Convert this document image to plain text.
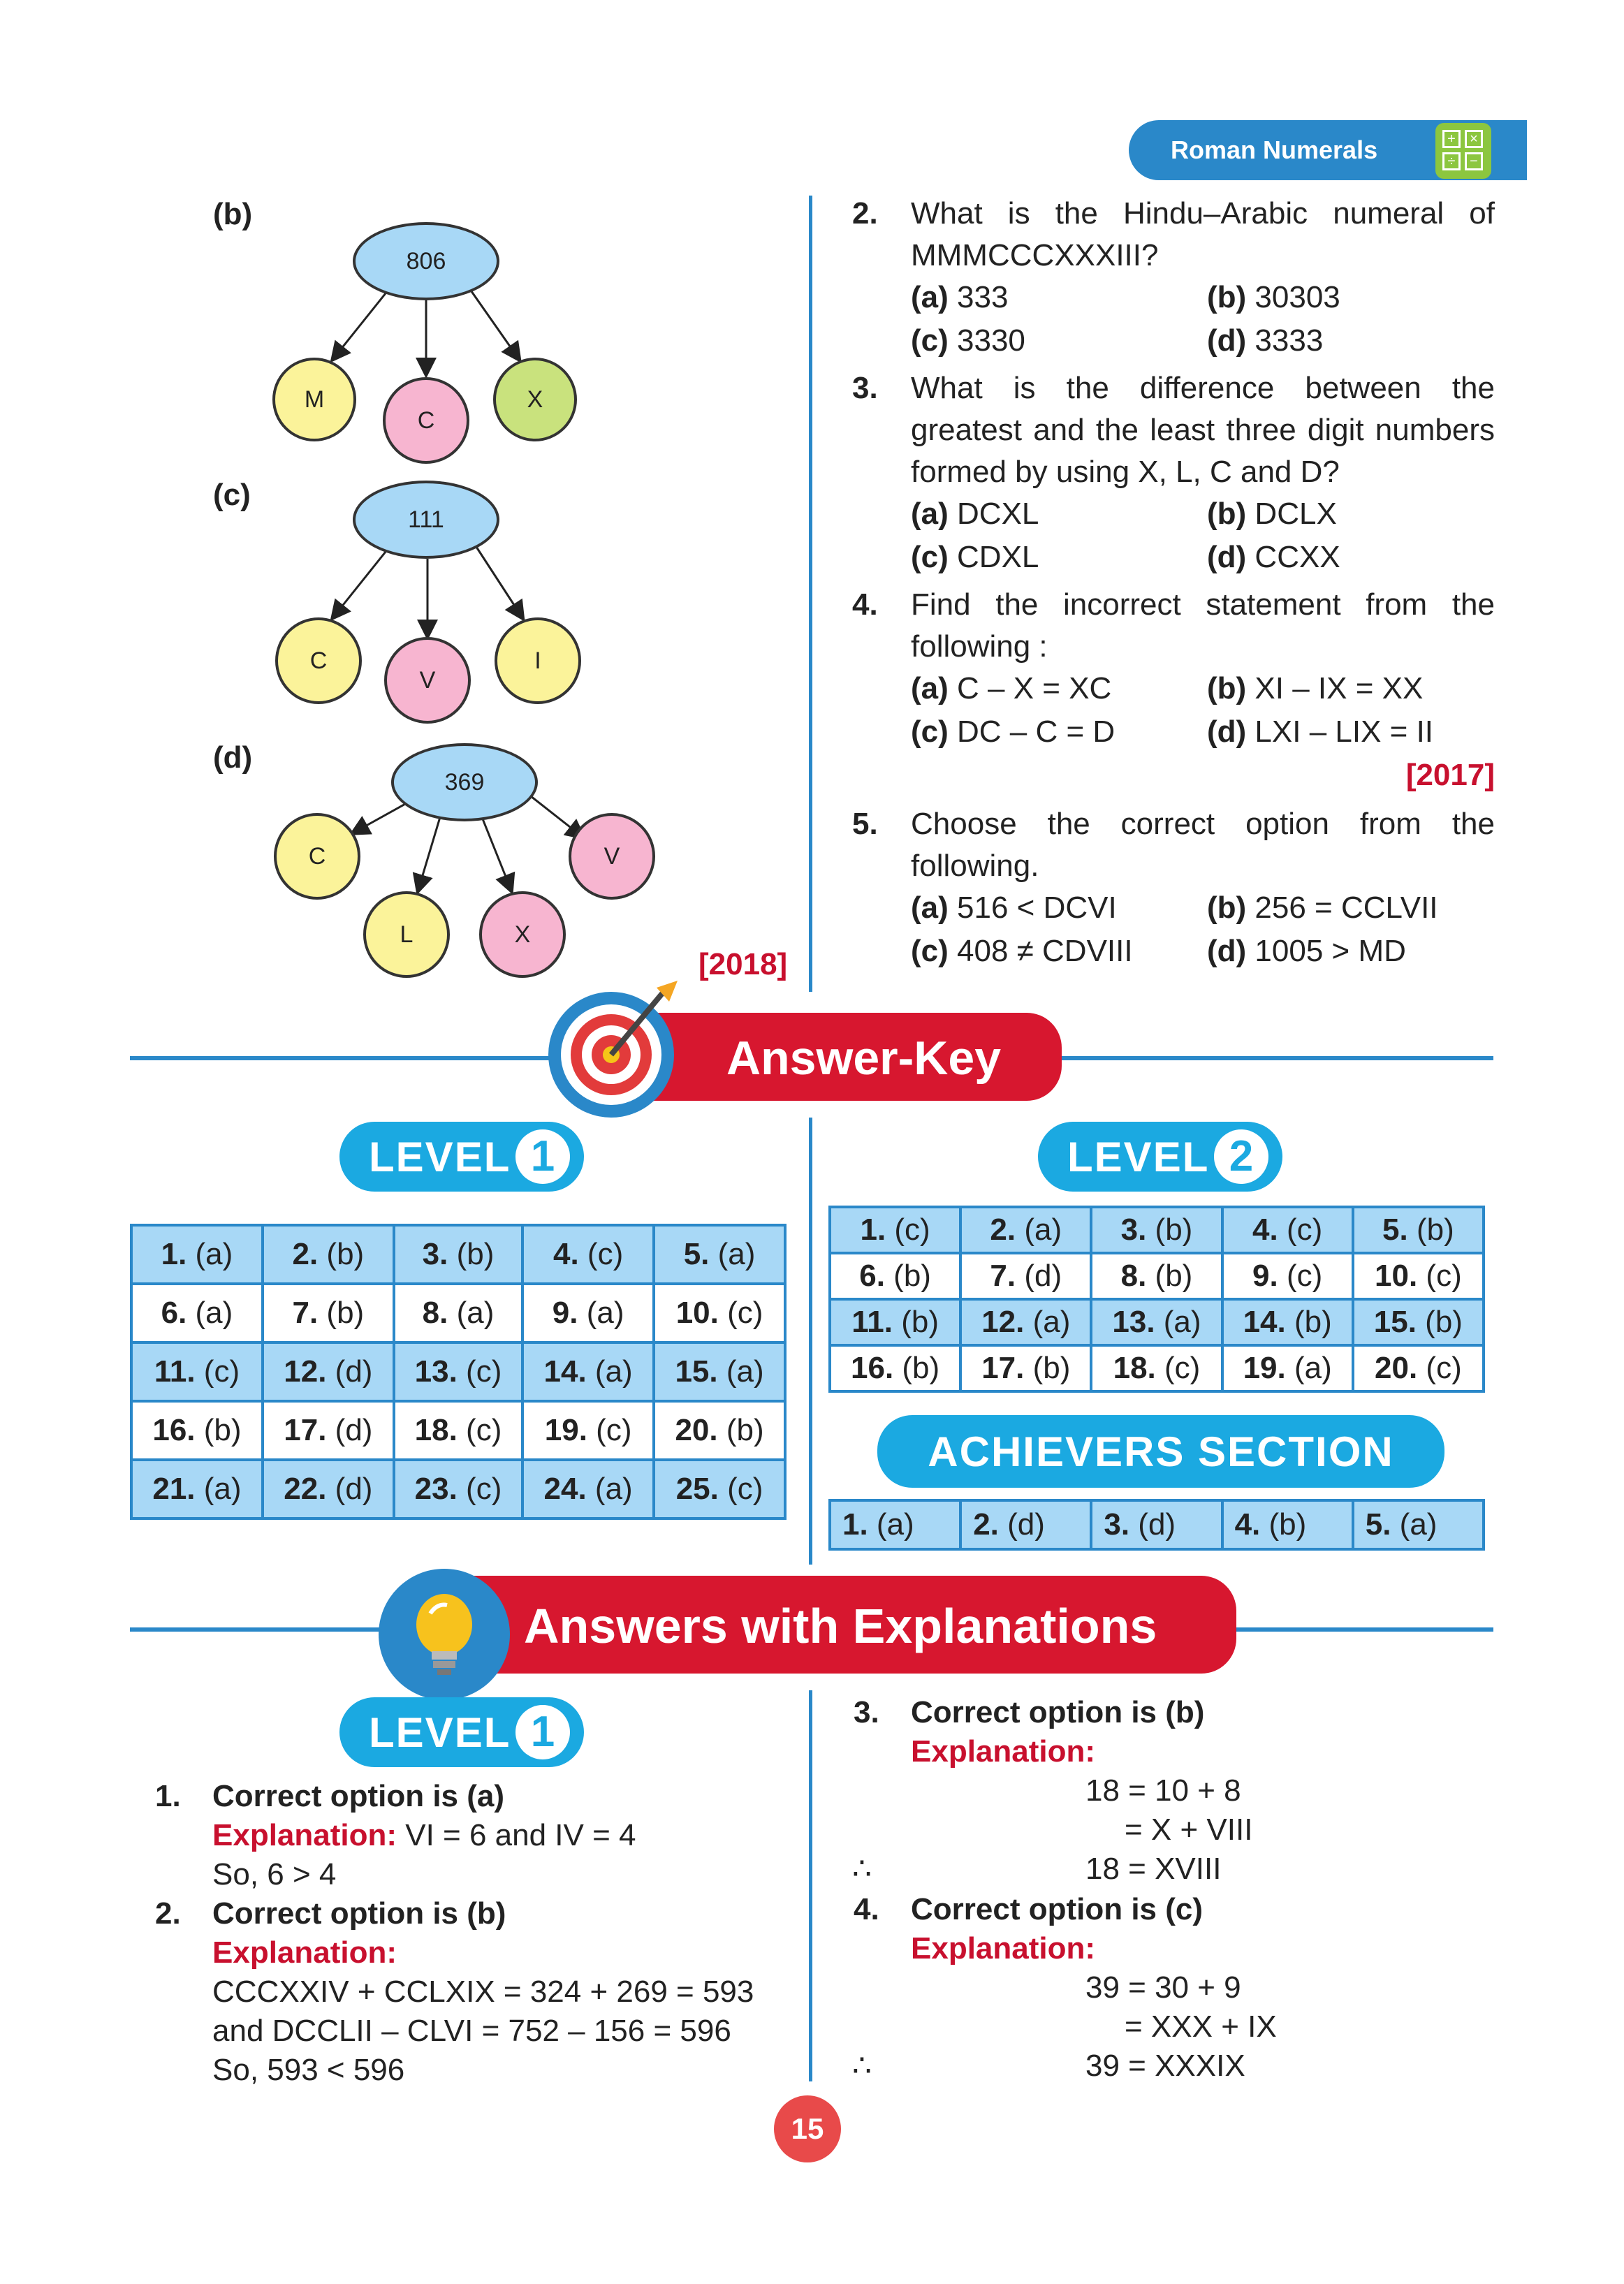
Roman Numerals	+	×
÷	−
(b)
806
M
C
X
(c)
111
C
V
I
(d)
369
C
L	X
V
[2018]
2. What is the Hindu–Arabic numeral of MMMCCCXXXIII?
(a) 333	(b) 30303
(c) 3330	(d) 3333
3. What is the difference between the greatest and the least three digit numbers formed by using X, L, C and D?
(a) DCXL	(b) DCLX
(c) CDXL	(d) CCXX
4. Find the incorrect statement from the following :
(a) C – X = XC	(b) XI – IX = XX
(c) DC – C = D	(d) LXI – LIX = II
[2017]
5. Choose the correct option from the following.
(a) 516 < DCVI	(b) 256 = CCLVII
(c) 408 ≠ CDVIII (d) 1005 > MD
Answer-Key
LEVEL 1	LEVEL 2
1. (a)	2. (b)	3. (b)	4. (c)	5. (a)
6. (a)	7. (b)	8. (a)	9. (a)	10. (c)
11. (c)	12. (d)	13. (c)	14. (a)	15. (a)
16. (b)	17. (d)	18. (c)	19. (c)	20. (b)
21. (a)	22. (d)	23. (c)	24. (a)	25. (c)
1. (c)	2. (a)	3. (b)	4. (c)	5. (b)
6. (b)	7. (d)	8. (b)	9. (c)	10. (c)
11. (b)	12. (a)	13. (a)	14. (b)	15. (b)
16. (b)	17. (b)	18. (c)	19. (a)	20. (c)
ACHIEVERS SECTION
1. (a)	2. (d)	3. (d)	4. (b)	5. (a)
Answers with Explanations
LEVEL 1
1. Correct option is (a)
Explanation: VI = 6 and IV = 4
So, 6 > 4
2. Correct option is (b)
Explanation:
CCCXXIV + CCLXIX = 324 + 269 = 593
and DCCLII – CLVI = 752 – 156 = 596
So, 593 < 596
3. Correct option is (b)
Explanation:
18 = 10 + 8
= X + VIII
∴	18 = XVIII
4. Correct option is (c)
Explanation:
39 = 30 + 9
= XXX + IX
∴	39 = XXXIX
15
